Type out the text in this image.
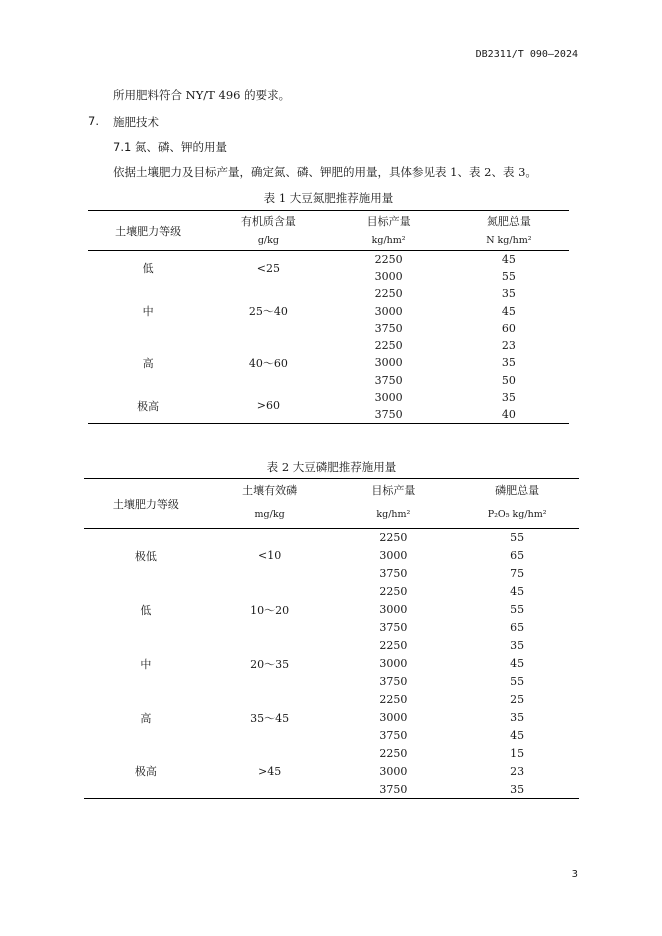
DB2311/T 090—2024
所用肥料符合 NY/T 496 的要求。
7. 施肥技术
7.1 氮、磷、钾的用量
依据土壤肥力及目标产量，确定氮、磷、钾肥的用量，具体参见表 1、表 2、表 3。
表 1 大豆氮肥推荐施用量
土壤肥力等级	有机质含量	目标产量	氮肥总量
	g/kg	kg/hm²	N kg/hm²
低	<25	2250	45
		3000	55
中	25～40	2250	35
		3000	45
		3750	60
高	40～60	2250	23
		3000	35
		3750	50
极高	>60	3000	35
		3750	40
表 2 大豆磷肥推荐施用量
土壤肥力等级	土壤有效磷	目标产量	磷肥总量
	mg/kg	kg/hm²	P₂O₅ kg/hm²
极低	<10	2250	55
		3000	65
		3750	75
低	10～20	2250	45
		3000	55
		3750	65
中	20～35	2250	35
		3000	45
		3750	55
高	35～45	2250	25
		3000	35
		3750	45
极高	>45	2250	15
		3000	23
		3750	35
3
